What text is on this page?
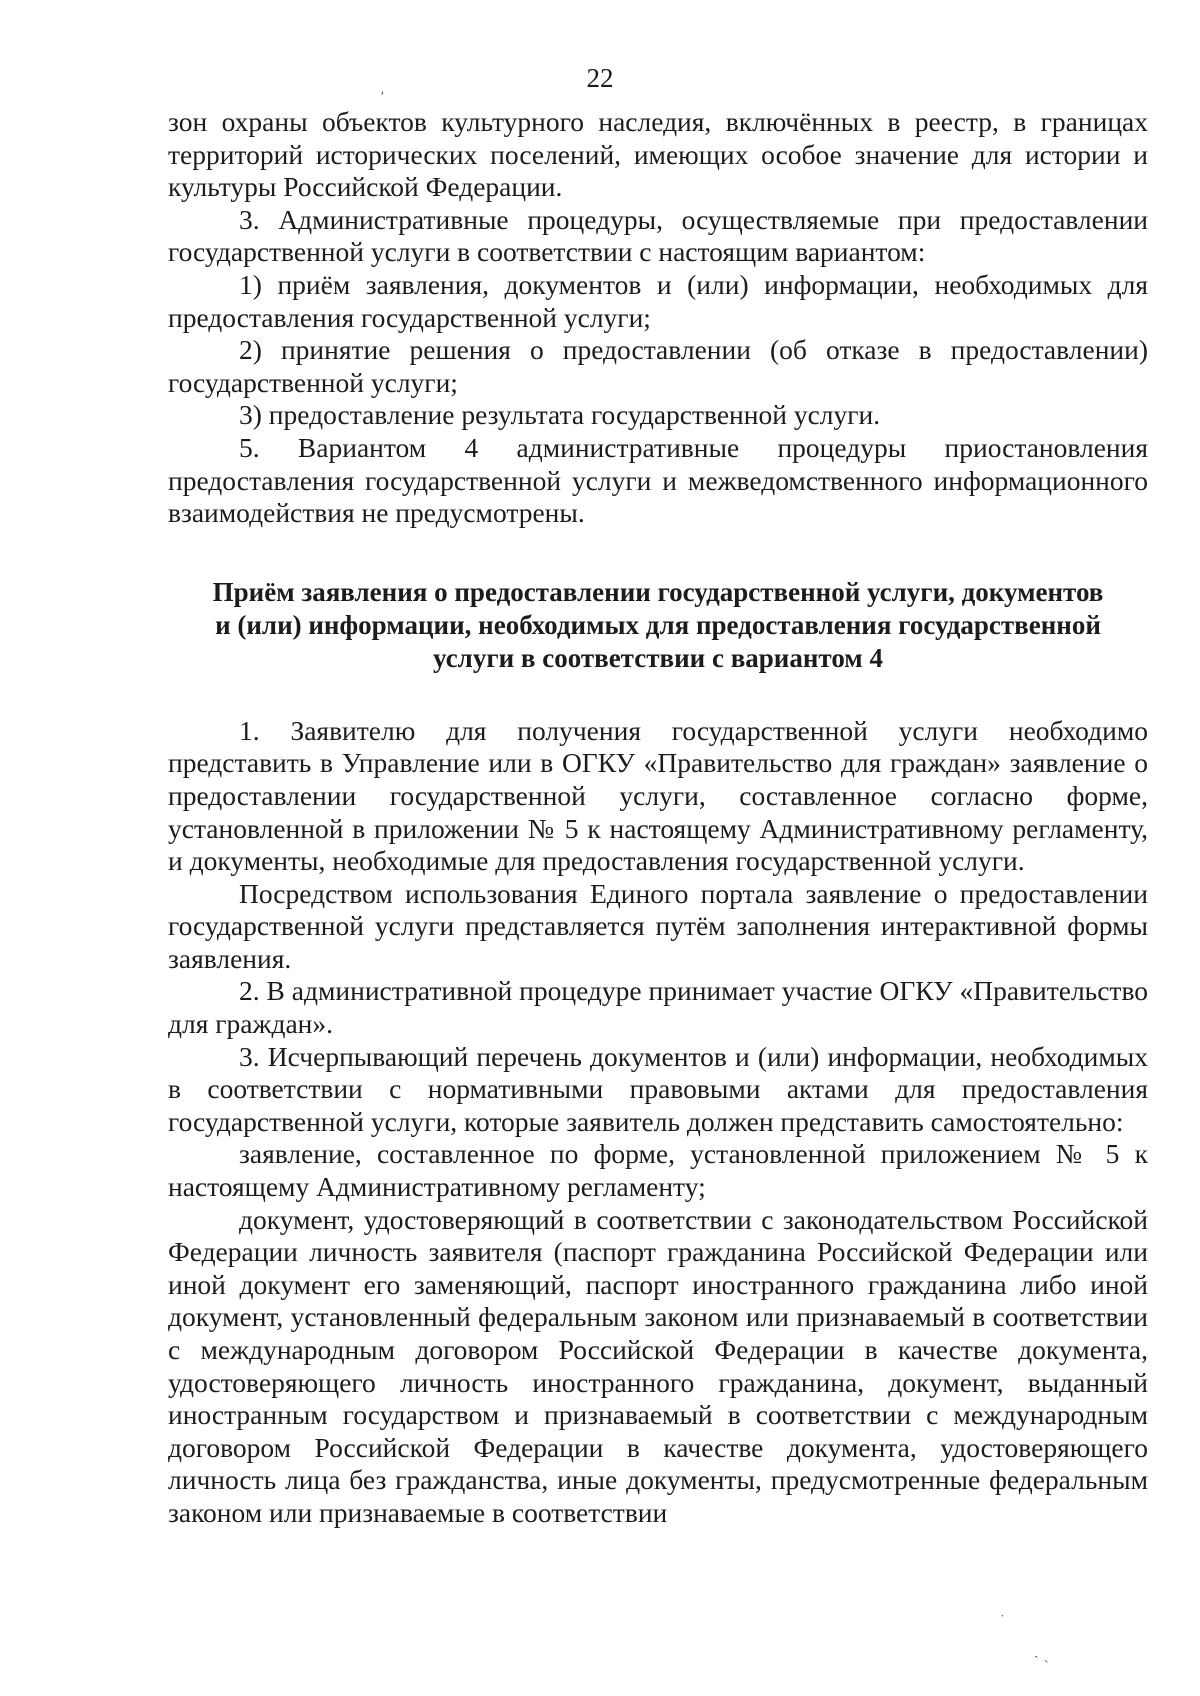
22
ʹ

зон охраны объектов культурного наследия, включённых в реестр, в границах территорий исторических поселений, имеющих особое значение для истории и культуры Российской Федерации.

3. Административные процедуры, осуществляемые при предоставлении государственной услуги в соответствии с настоящим вариантом:

1) приём заявления, документов и (или) информации, необходимых для предоставления государственной услуги;

2) принятие решения о предоставлении (об отказе в предоставлении) государственной услуги;

3) предоставление результата государственной услуги.

5. Вариантом 4 административные процедуры приостановления предоставления государственной услуги и межведомственного информационного взаимодействия не предусмотрены.

Приём заявления о предоставлении государственной услуги, документов
и (или) информации, необходимых для предоставления государственной
услуги в соответствии с вариантом 4

1. Заявителю для получения государственной услуги необходимо представить в Управление или в ОГКУ «Правительство для граждан» заявление о предоставлении государственной услуги, составленное согласно форме, установленной в приложении № 5 к настоящему Административному регламенту, и документы, необходимые для предоставления государственной услуги.

Посредством использования Единого портала заявление о предоставлении государственной услуги представляется путём заполнения интерактивной формы заявления.

2. В административной процедуре принимает участие ОГКУ «Правительство для граждан».

3. Исчерпывающий перечень документов и (или) информации, необходимых в соответствии с нормативными правовыми актами для предоставления государственной услуги, которые заявитель должен представить самостоятельно:

заявление, составленное по форме, установленной приложением № 5 к настоящему Административному регламенту;

документ, удостоверяющий в соответствии с законодательством Российской Федерации личность заявителя (паспорт гражданина Российской Федерации или иной документ его заменяющий, паспорт иностранного гражданина либо иной документ, установленный федеральным законом или признаваемый в соответствии с международным договором Российской Федерации в качестве документа, удостоверяющего личность иностранного гражданина, документ, выданный иностранным государством и признаваемый в соответствии с международным договором Российской Федерации в качестве документа, удостоверяющего личность лица без гражданства, иные документы, предусмотренные федеральным законом или признаваемые в соответствии

˙
ˎ
ˋ
